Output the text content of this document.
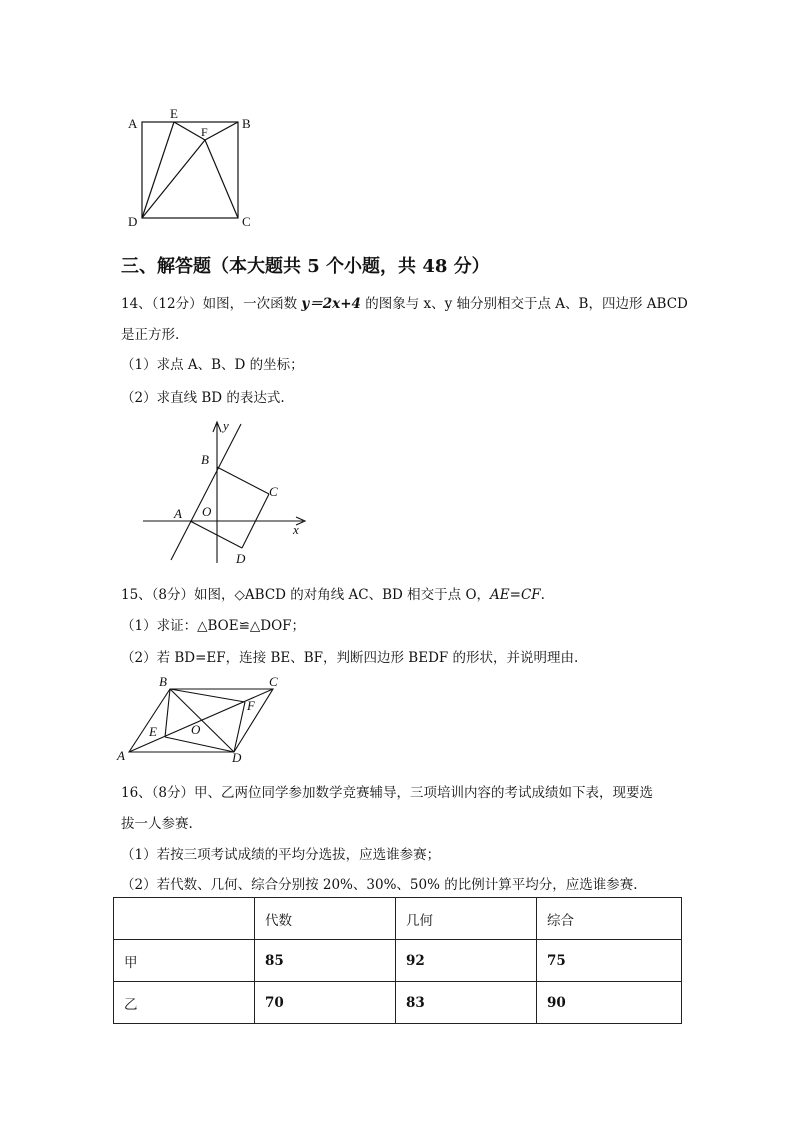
A
E
F
B
D	C
三、解答题（本大题共 5 个小题，共 48 分）
14、（12分）如图，一次函数 y＝2x+4 的图象与 x、y 轴分别相交于点 A、B，四边形 ABCD
是正方形.
（1）求点 A、B、D 的坐标；
（2）求直线 BD 的表达式.
y
B
C
A O
x
D
15、（8分）如图，◇ABCD 的对角线 AC、BD 相交于点 O，AE=CF.
（1）求证：△BOE≌△DOF；
（2）若 BD=EF，连接 BE、BF，判断四边形 BEDF 的形状，并说明理由.
B	C
F
E	O
A	D
16、（8分）甲、乙两位同学参加数学竞赛辅导，三项培训内容的考试成绩如下表，现要选
拔一人参赛.
（1）若按三项考试成绩的平均分选拔，应选谁参赛；
（2）若代数、几何、综合分别按 20%、30%、50% 的比例计算平均分，应选谁参赛.
	代数	几何	综合
甲	85	92	75
乙	70	83	90
